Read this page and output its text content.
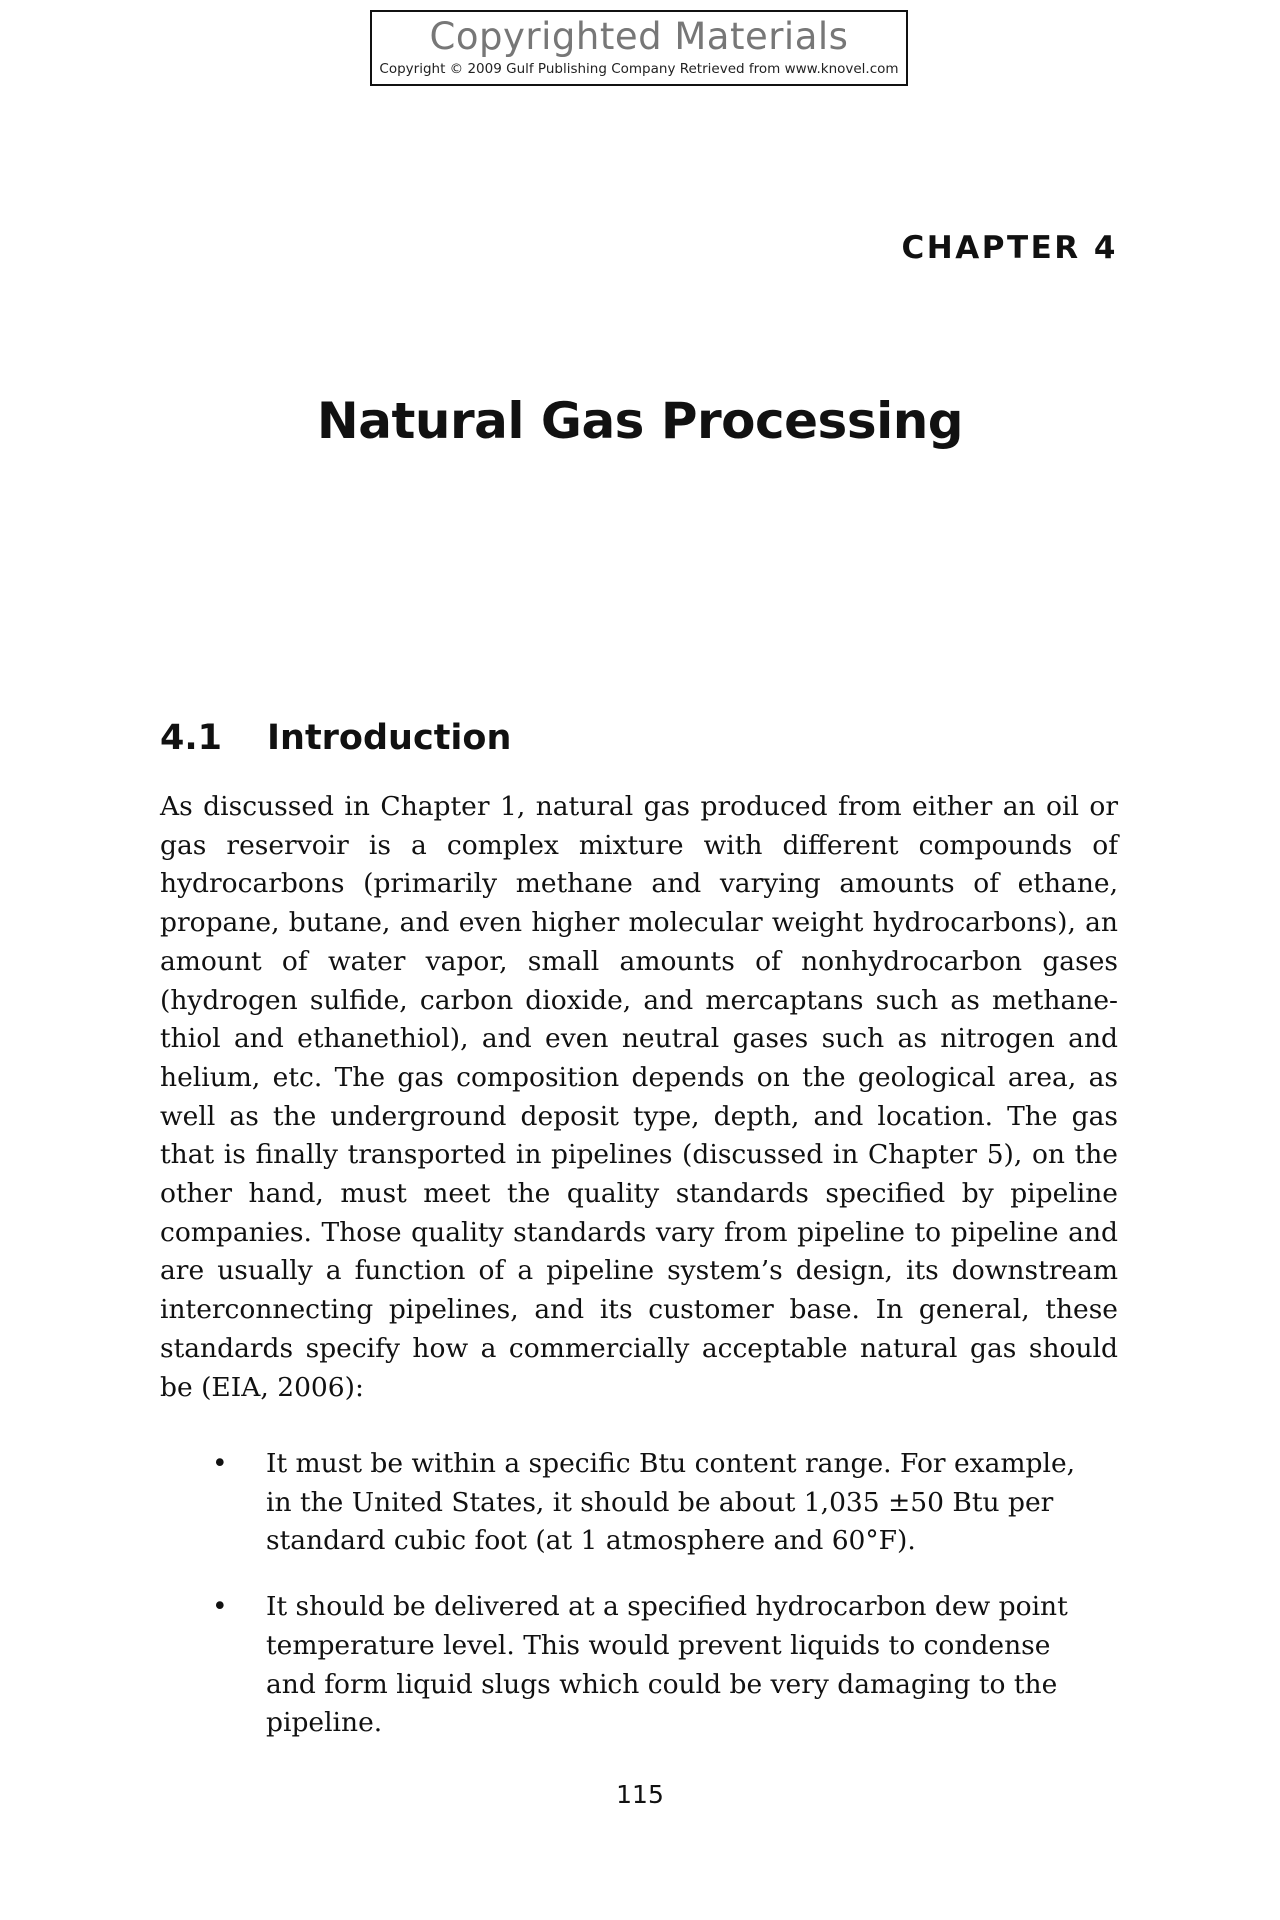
Copyrighted Materials
Copyright © 2009 Gulf Publishing Company Retrieved from www.knovel.com
CHAPTER 4
Natural Gas Processing
4.1 Introduction

As discussed in Chapter 1, natural gas produced from either an oil or gas reservoir is a complex mixture with different compounds of hydrocarbons (primarily methane and varying amounts of ethane, propane, butane, and even higher molecular weight hydrocarbons), an amount of water vapor, small amounts of nonhydrocarbon gases (hydrogen sulfide, carbon dioxide, and mercaptans such as methanethiol and ethanethiol), and even neutral gases such as nitrogen and helium, etc. The gas composition depends on the geological area, as well as the underground deposit type, depth, and location. The gas that is finally transported in pipelines (discussed in Chapter 5), on the other hand, must meet the quality standards specified by pipeline companies. Those quality standards vary from pipeline to pipeline and are usually a function of a pipeline system’s design, its downstream interconnecting pipelines, and its customer base. In general, these standards specify how a commercially acceptable natural gas should be (EIA, 2006):

• It must be within a specific Btu content range. For example, in the United States, it should be about 1,035 ±50 Btu per standard cubic foot (at 1 atmosphere and 60°F).
• It should be delivered at a specified hydrocarbon dew point temperature level. This would prevent liquids to condense and form liquid slugs which could be very damaging to the pipeline.
115
